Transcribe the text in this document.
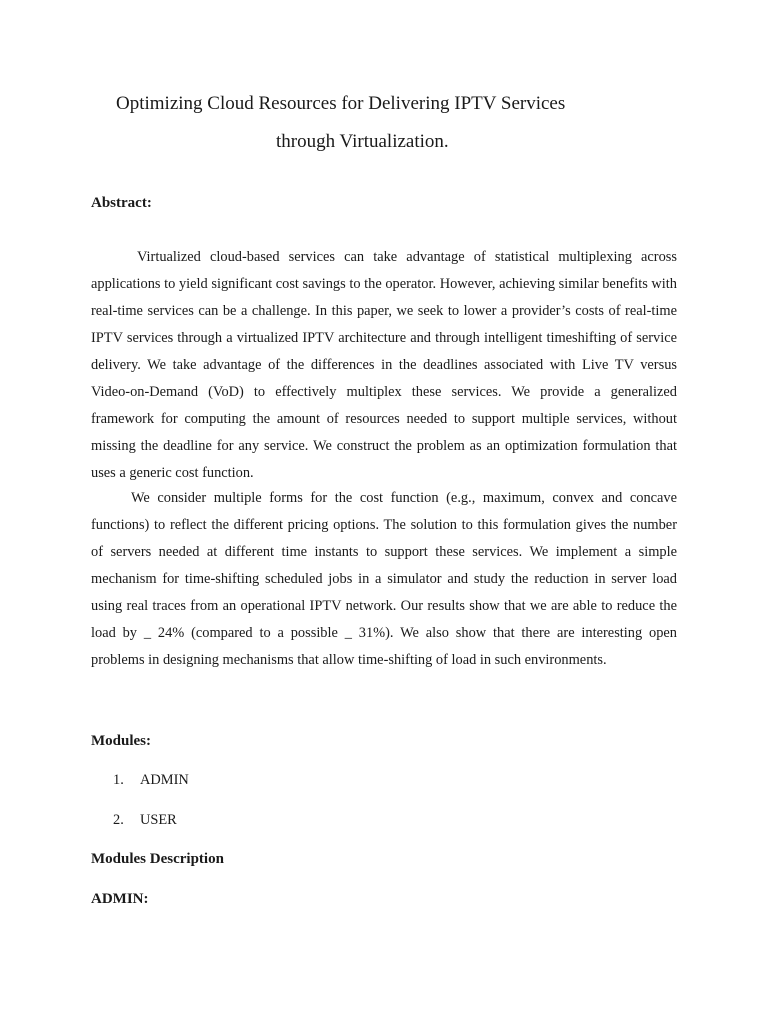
Optimizing Cloud Resources for Delivering IPTV Services
through Virtualization.
Abstract:

Virtualized cloud-based services can take advantage of statistical multiplexing across applications to yield significant cost savings to the operator. However, achieving similar benefits with real-time services can be a challenge. In this paper, we seek to lower a provider’s costs of real-time IPTV services through a virtualized IPTV architecture and through intelligent timeshifting of service delivery. We take advantage of the differences in the deadlines associated with Live TV versus Video-on-Demand (VoD) to effectively multiplex these services. We provide a generalized framework for computing the amount of resources needed to support multiple services, without missing the deadline for any service. We construct the problem as an optimization formulation that uses a generic cost function.

We consider multiple forms for the cost function (e.g., maximum, convex and concave functions) to reflect the different pricing options. The solution to this formulation gives the number of servers needed at different time instants to support these services. We implement a simple mechanism for time-shifting scheduled jobs in a simulator and study the reduction in server load using real traces from an operational IPTV network. Our results show that we are able to reduce the load by _ 24% (compared to a possible _ 31%). We also show that there are interesting open problems in designing mechanisms that allow time-shifting of load in such environments.

Modules:
1. ADMIN
2. USER
Modules Description
ADMIN:
